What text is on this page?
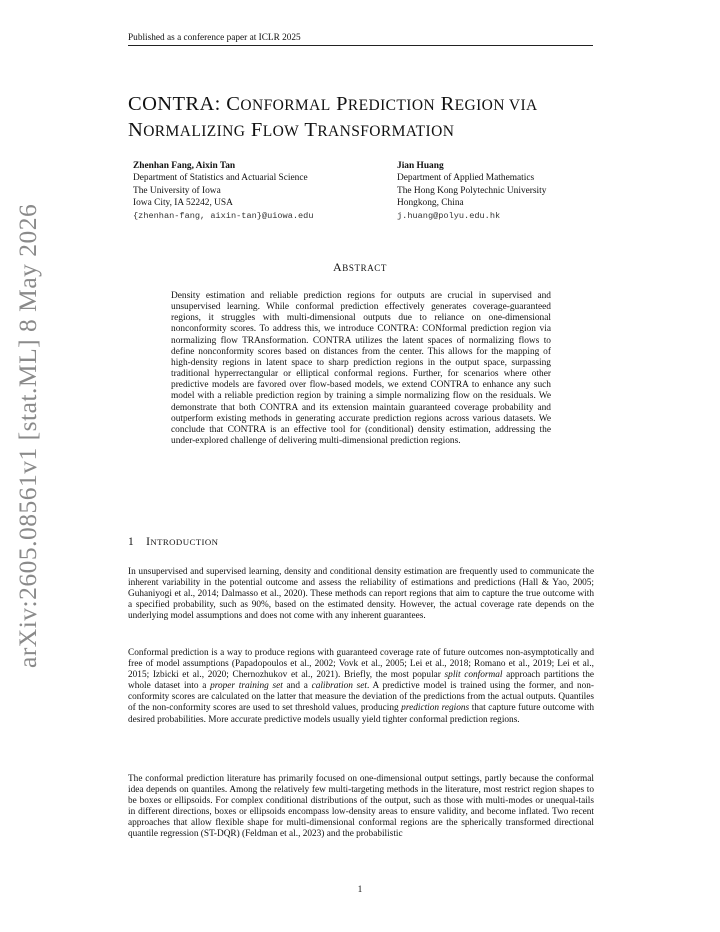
arXiv:2605.08561v1 [stat.ML] 8 May 2026
Published as a conference paper at ICLR 2025
CONTRA: CONFORMAL PREDICTION REGION VIA
NORMALIZING FLOW TRANSFORMATION
Zhenhan Fang, Aixin Tan
Department of Statistics and Actuarial Science
The University of Iowa
Iowa City, IA 52242, USA
{zhenhan-fang, aixin-tan}@uiowa.edu
Jian Huang
Department of Applied Mathematics
The Hong Kong Polytechnic University
Hongkong, China
j.huang@polyu.edu.hk
ABSTRACT

Density estimation and reliable prediction regions for outputs are crucial in supervised and unsupervised learning. While conformal prediction effectively generates coverage-guaranteed regions, it struggles with multi-dimensional outputs due to reliance on one-dimensional nonconformity scores. To address this, we introduce CONTRA: CONformal prediction region via normalizing flow TRAnsformation. CONTRA utilizes the latent spaces of normalizing flows to define nonconformity scores based on distances from the center. This allows for the mapping of high-density regions in latent space to sharp prediction regions in the output space, surpassing traditional hyperrectangular or elliptical conformal regions. Further, for scenarios where other predictive models are favored over flow-based models, we extend CONTRA to enhance any such model with a reliable prediction region by training a simple normalizing flow on the residuals. We demonstrate that both CONTRA and its extension maintain guaranteed coverage probability and outperform existing methods in generating accurate prediction regions across various datasets. We conclude that CONTRA is an effective tool for (conditional) density estimation, addressing the under-explored challenge of delivering multi-dimensional prediction regions.

1 INTRODUCTION

In unsupervised and supervised learning, density and conditional density estimation are frequently used to communicate the inherent variability in the potential outcome and assess the reliability of estimations and predictions (Hall & Yao, 2005; Guhaniyogi et al., 2014; Dalmasso et al., 2020). These methods can report regions that aim to capture the true outcome with a specified probability, such as 90%, based on the estimated density. However, the actual coverage rate depends on the underlying model assumptions and does not come with any inherent guarantees.

Conformal prediction is a way to produce regions with guaranteed coverage rate of future outcomes non-asymptotically and free of model assumptions (Papadopoulos et al., 2002; Vovk et al., 2005; Lei et al., 2018; Romano et al., 2019; Lei et al., 2015; Izbicki et al., 2020; Chernozhukov et al., 2021). Briefly, the most popular split conformal approach partitions the whole dataset into a proper training set and a calibration set. A predictive model is trained using the former, and non-conformity scores are calculated on the latter that measure the deviation of the predictions from the actual outputs. Quantiles of the non-conformity scores are used to set threshold values, producing prediction regions that capture future outcome with desired probabilities. More accurate predictive models usually yield tighter conformal prediction regions.

The conformal prediction literature has primarily focused on one-dimensional output settings, partly because the conformal idea depends on quantiles. Among the relatively few multi-targeting methods in the literature, most restrict region shapes to be boxes or ellipsoids. For complex conditional distributions of the output, such as those with multi-modes or unequal-tails in different directions, boxes or ellipsoids encompass low-density areas to ensure validity, and become inflated. Two recent approaches that allow flexible shape for multi-dimensional conformal regions are the spherically transformed directional quantile regression (ST-DQR) (Feldman et al., 2023) and the probabilistic

1
